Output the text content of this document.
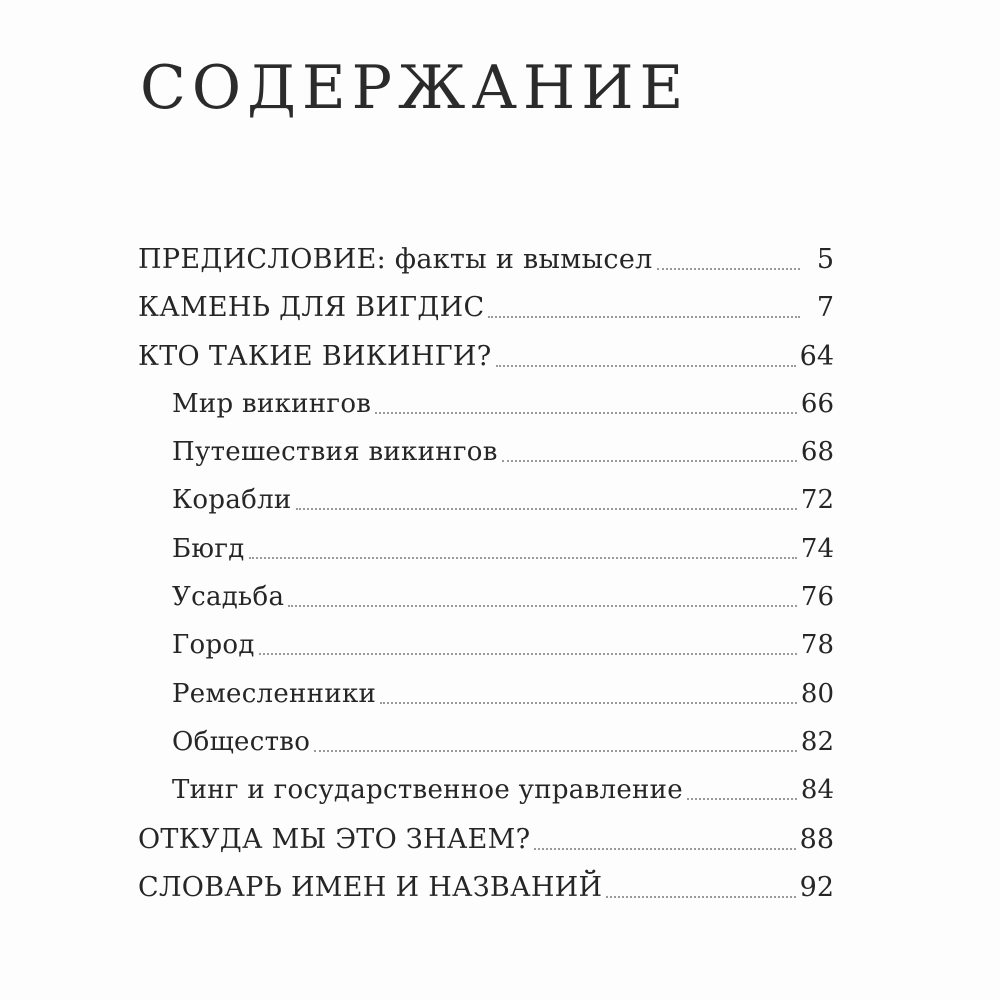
СОДЕРЖАНИЕ
ПРЕДИСЛОВИЕ: факты и вымысел	5
КАМЕНЬ ДЛЯ ВИГДИС	7
КТО ТАКИЕ ВИКИНГИ?	64
Мир викингов	66
Путешествия викингов	68
Корабли	72
Бюгд	74
Усадьба	76
Город	78
Ремесленники	80
Общество	82
Тинг и государственное управление	84
ОТКУДА МЫ ЭТО ЗНАЕМ?	88
СЛОВАРЬ ИМЕН И НАЗВАНИЙ	92
